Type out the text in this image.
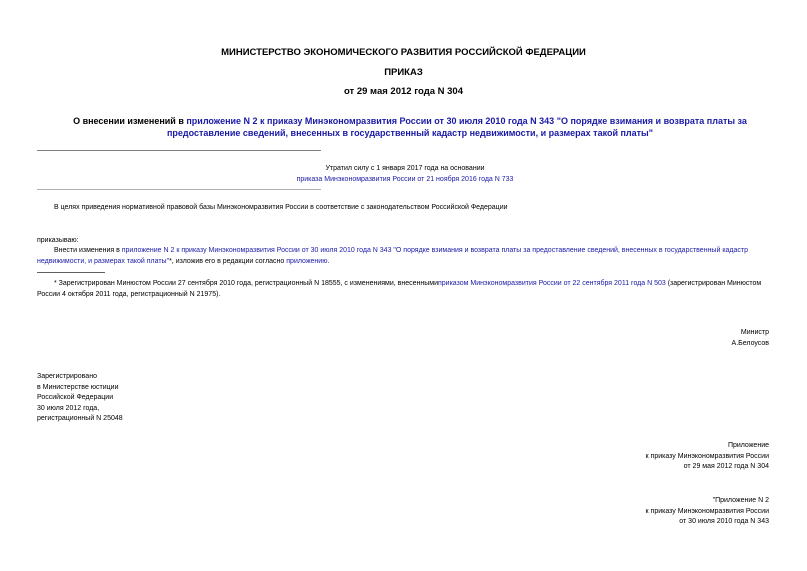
МИНИСТЕРСТВО ЭКОНОМИЧЕСКОГО РАЗВИТИЯ РОССИЙСКОЙ ФЕДЕРАЦИИ
ПРИКАЗ
от 29 мая 2012 года N 304
О внесении изменений в приложение N 2 к приказу Минэкономразвития России от 30 июля 2010 года N 343 "О порядке взимания и возврата платы за предоставление сведений, внесенных в государственный кадастр недвижимости, и размерах такой платы"
Утратил силу с 1 января 2017 года на основании
приказа Минэкономразвития России от 21 ноября 2016 года N 733
В целях приведения нормативной правовой базы Минэкономразвития России в соответствие с законодательством Российской Федерации
приказываю:
Внести изменения в приложение N 2 к приказу Минэкономразвития России от 30 июля 2010 года N 343 "О порядке взимания и возврата платы за предоставление сведений, внесенных в государственный кадастр недвижимости, и размерах такой платы"*, изложив его в редакции согласно приложению.
* Зарегистрирован Минюстом России 27 сентября 2010 года, регистрационный N 18555, с изменениями, внесеннымиприказом Минэкономразвития России от 22 сентября 2011 года N 503 (зарегистрирован Минюстом России 4 октября 2011 года, регистрационный N 21975).
Министр
А.Белоусов
Зарегистрировано
в Министерстве юстиции
Российской Федерации
30 июля 2012 года,
регистрационный N 25048
Приложение
к приказу Минэкономразвития России
от 29 мая 2012 года N 304
"Приложение N 2
к приказу Минэкономразвития России
от 30 июля 2010 года N 343
